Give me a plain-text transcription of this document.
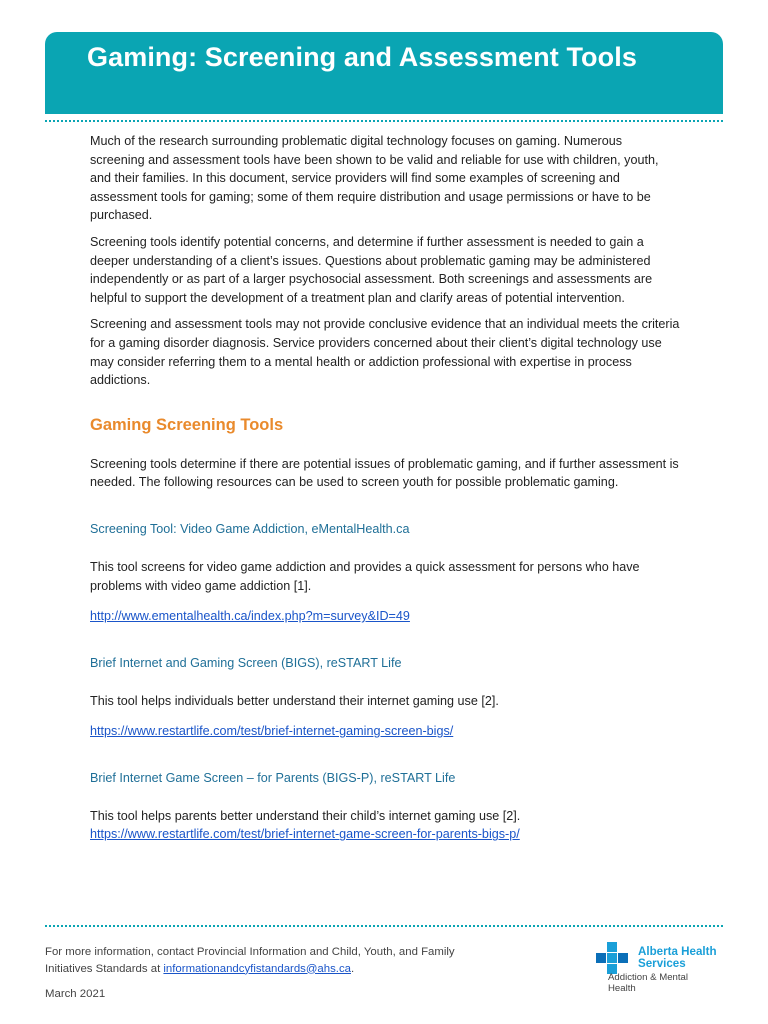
Gaming: Screening and Assessment Tools

Much of the research surrounding problematic digital technology focuses on gaming. Numerous screening and assessment tools have been shown to be valid and reliable for use with children, youth, and their families. In this document, service providers will find some examples of screening and assessment tools for gaming; some of them require distribution and usage permissions or have to be purchased.

Screening tools identify potential concerns, and determine if further assessment is needed to gain a deeper understanding of a client’s issues. Questions about problematic gaming may be administered independently or as part of a larger psychosocial assessment. Both screenings and assessments are helpful to support the development of a treatment plan and clarify areas of potential intervention.

Screening and assessment tools may not provide conclusive evidence that an individual meets the criteria for a gaming disorder diagnosis. Service providers concerned about their client’s digital technology use may consider referring them to a mental health or addiction professional with expertise in process addictions.

Gaming Screening Tools

Screening tools determine if there are potential issues of problematic gaming, and if further assessment is needed. The following resources can be used to screen youth for possible problematic gaming.

Screening Tool: Video Game Addiction, eMentalHealth.ca

This tool screens for video game addiction and provides a quick assessment for persons who have problems with video game addiction [1].

http://www.ementalhealth.ca/index.php?m=survey&ID=49

Brief Internet and Gaming Screen (BIGS), reSTART Life

This tool helps individuals better understand their internet gaming use [2].

https://www.restartlife.com/test/brief-internet-gaming-screen-bigs/

Brief Internet Game Screen – for Parents (BIGS-P), reSTART Life

This tool helps parents better understand their child’s internet gaming use [2].

https://www.restartlife.com/test/brief-internet-game-screen-for-parents-bigs-p/

For more information, contact Provincial Information and Child, Youth, and Family Initiatives Standards at informationandcyfistandards@ahs.ca.
March 2021
Alberta Health
Services
Addiction & Mental
Health
